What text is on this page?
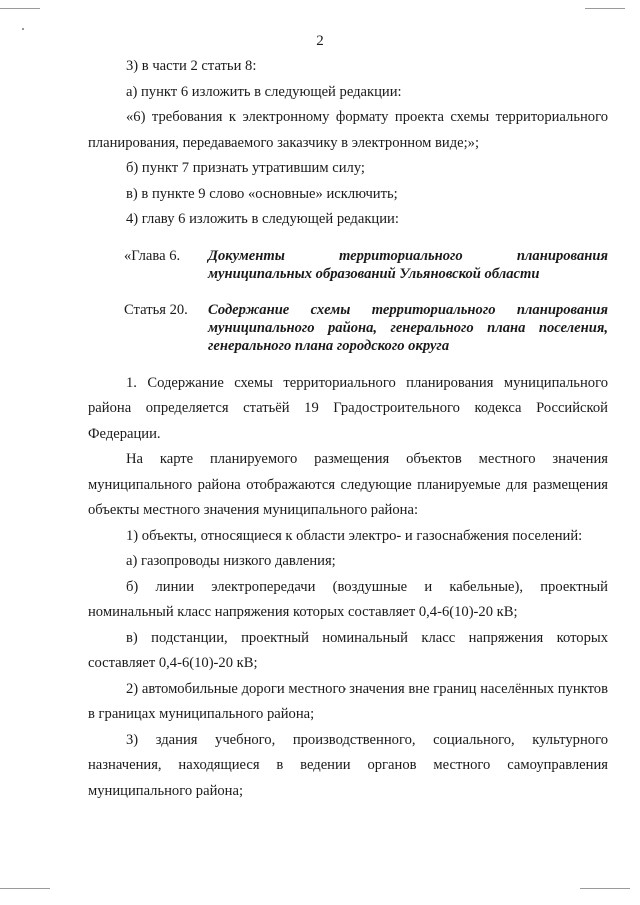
2

3) в части 2 статьи 8:

а) пункт 6 изложить в следующей редакции:

«6) требования к электронному формату проекта схемы территориального планирования, передаваемого заказчику в электронном виде;»;

б) пункт 7 признать утратившим силу;

в) в пункте 9 слово «основные» исключить;

4) главу 6 изложить в следующей редакции:

«Глава 6.	Документы территориального планирования муниципальных образований Ульяновской области
Статья 20.	Содержание схемы территориального планирования муниципального района, генерального плана поселения, генерального плана городского округа

1. Содержание схемы территориального планирования муниципального района определяется статьёй 19 Градостроительного кодекса Российской Федерации.

На карте планируемого размещения объектов местного значения муниципального района отображаются следующие планируемые для размещения объекты местного значения муниципального района:

1) объекты, относящиеся к области электро- и газоснабжения поселений:

а) газопроводы низкого давления;

б) линии электропередачи (воздушные и кабельные), проектный номинальный класс напряжения которых составляет 0,4-6(10)-20 кВ;

в) подстанции, проектный номинальный класс напряжения которых составляет 0,4-6(10)-20 кВ;

2) автомобильные дороги местного значения вне границ населённых пунктов в границах муниципального района;

3) здания учебного, производственного, социального, культурного назначения, находящиеся в ведении органов местного самоуправления муниципального района;
